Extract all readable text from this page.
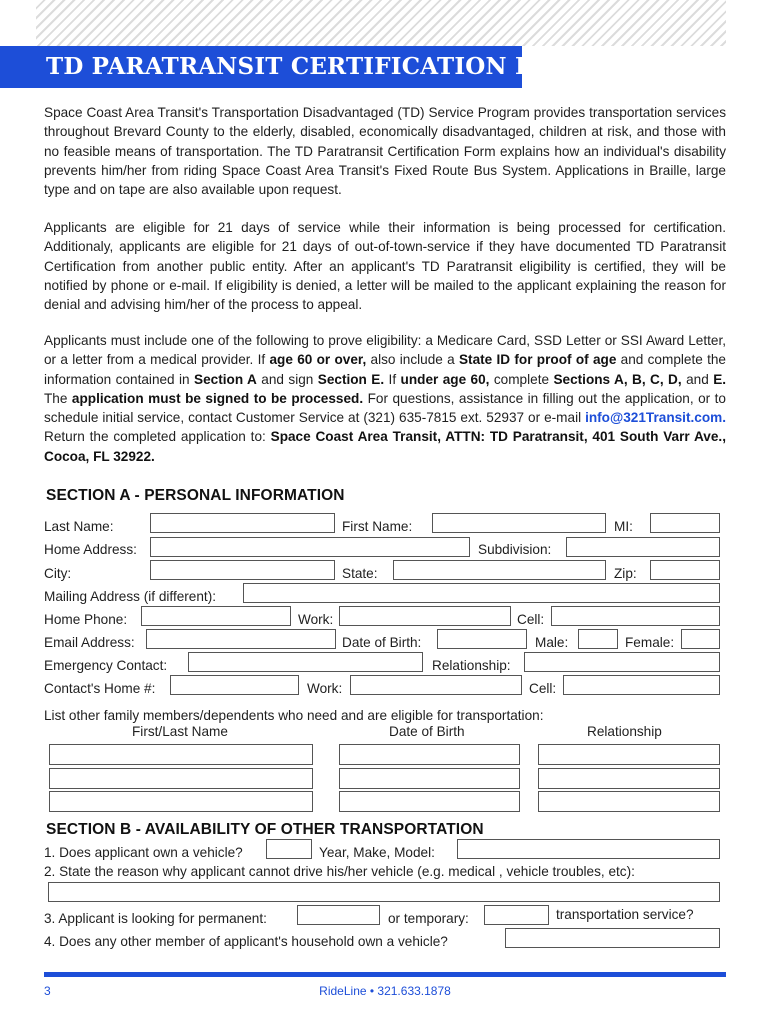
TD PARATRANSIT CERTIFICATION FORM
Space Coast Area Transit's Transportation Disadvantaged (TD) Service Program provides transportation services throughout Brevard County to the elderly, disabled, economically disadvantaged, children at risk, and those with no feasible means of transportation. The TD Paratransit Certification Form explains how an individual's disability prevents him/her from riding Space Coast Area Transit's Fixed Route Bus System. Applications in Braille, large type and on tape are also available upon request.
Applicants are eligible for 21 days of service while their information is being processed for certification. Additionaly, applicants are eligible for 21 days of out-of-town-service if they have documented TD Paratransit Certification from another public entity. After an applicant's TD Paratransit eligibility is certified, they will be notified by phone or e-mail. If eligibility is denied, a letter will be mailed to the applicant explaining the reason for denial and advising him/her of the process to appeal.
Applicants must include one of the following to prove eligibility: a Medicare Card, SSD Letter or SSI Award Letter, or a letter from a medical provider. If age 60 or over, also include a State ID for proof of age and complete the information contained in Section A and sign Section E. If under age 60, complete Sections A, B, C, D, and E. The application must be signed to be processed. For questions, assistance in filling out the application, or to schedule initial service, contact Customer Service at (321) 635-7815 ext. 52937 or e-mail info@321Transit.com. Return the completed application to: Space Coast Area Transit, ATTN: TD Paratransit, 401 South Varr Ave., Cocoa, FL 32922.
SECTION A - PERSONAL INFORMATION
Last Name:	First Name:	MI:
Home Address:	Subdivision:
City:	State:	Zip:
Mailing Address (if different):
Home Phone:	Work:	Cell:
Email Address:	Date of Birth:	Male:	Female:
Emergency Contact:	Relationship:
Contact's Home #:	Work:	Cell:
List other family members/dependents who need and are eligible for transportation:
First/Last Name	Date of Birth	Relationship
SECTION B - AVAILABILITY OF OTHER TRANSPORTATION
1. Does applicant own a vehicle?	Year, Make, Model:
2. State the reason why applicant cannot drive his/her vehicle (e.g. medical , vehicle troubles, etc):
3. Applicant is looking for permanent:	or temporary:	transportation service?
4. Does any other member of applicant's household own a vehicle?
3	RideLine • 321.633.1878
